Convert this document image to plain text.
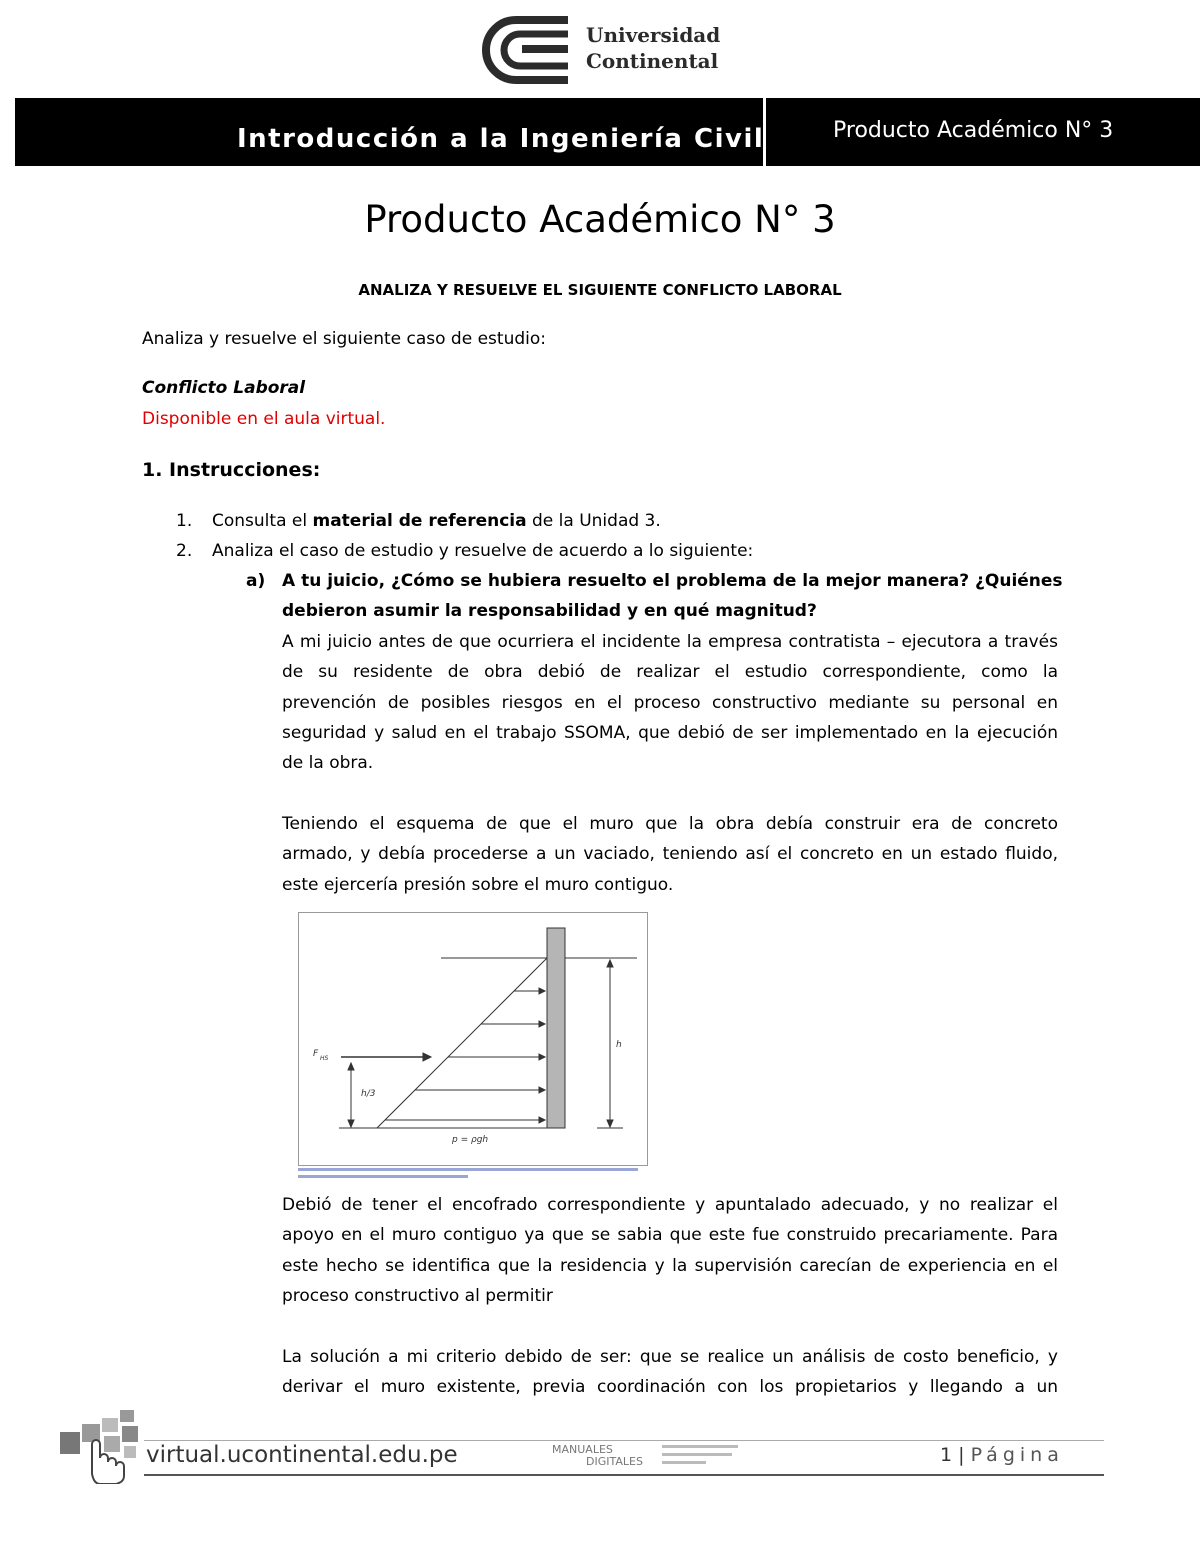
Universidad
Continental
Introducción a la Ingeniería Civil	Producto Académico N° 3
Producto Académico N° 3
ANALIZA Y RESUELVE EL SIGUIENTE CONFLICTO LABORAL
Analiza y resuelve el siguiente caso de estudio:
Conflicto Laboral
Disponible en el aula virtual.
1. Instrucciones:
1. Consulta el material de referencia de la Unidad 3.
2. Analiza el caso de estudio y resuelve de acuerdo a lo siguiente:
a) A tu juicio, ¿Cómo se hubiera resuelto el problema de la mejor manera? ¿Quiénes
debieron asumir la responsabilidad y en qué magnitud?
A mi juicio antes de que ocurriera el incidente la empresa contratista – ejecutora a través
de su residente de obra debió de realizar el estudio correspondiente, como la
prevención de posibles riesgos en el proceso constructivo mediante su personal en
seguridad y salud en el trabajo SSOMA, que debió de ser implementado en la ejecución
de la obra.
Teniendo el esquema de que el muro que la obra debía construir era de concreto
armado, y debía procederse a un vaciado, teniendo así el concreto en un estado fluido,
este ejercería presión sobre el muro contiguo.
F HS
h/3
h
p = ρgh
Debió de tener el encofrado correspondiente y apuntalado adecuado, y no realizar el
apoyo en el muro contiguo ya que se sabia que este fue construido precariamente. Para
este hecho se identifica que la residencia y la supervisión carecían de experiencia en el
proceso constructivo al permitir
La solución a mi criterio debido de ser: que se realice un análisis de costo beneficio, y
derivar el muro existente, previa coordinación con los propietarios y llegando a un
virtual.ucontinental.edu.pe	MANUALES
DIGITALES	1 | Página
